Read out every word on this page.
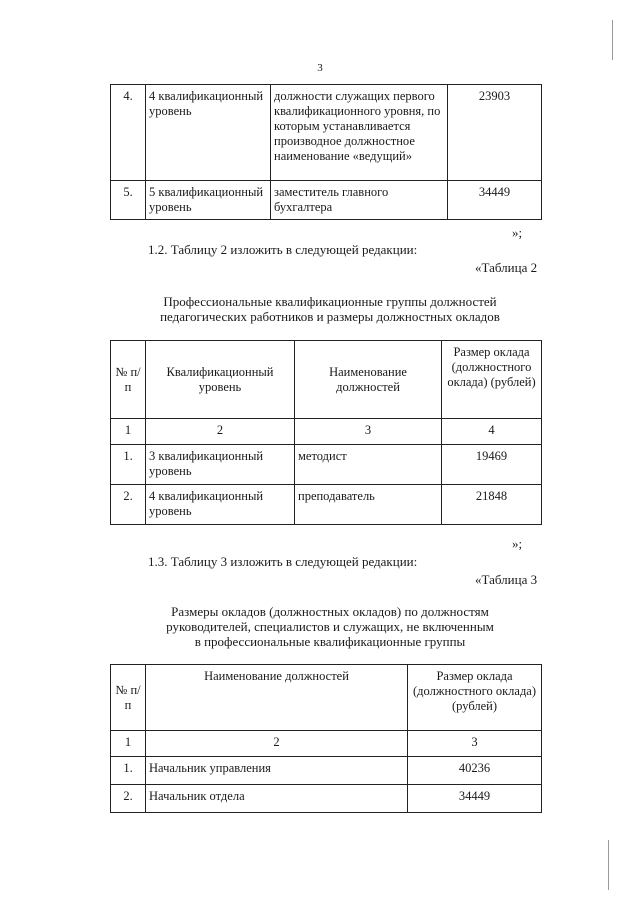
3
4.	4 квалификационный уровень	должности служащих первого квалификационного уровня, по которым устанавливается производное должностное наименование «ведущий»	23903
5.	5 квалификационный уровень	заместитель главного бухгалтера	34449
»;
1.2. Таблицу 2 изложить в следующей редакции:
«Таблица 2
Профессиональные квалификационные группы должностей
педагогических работников и размеры должностных окладов
№ п/п	Квалификационный уровень	Наименование должностей	Размер оклада (должностного оклада) (рублей)
1	2	3	4
1.	3 квалификационный уровень	методист	19469
2.	4 квалификационный уровень	преподаватель	21848
»;
1.3. Таблицу 3 изложить в следующей редакции:
«Таблица 3
Размеры окладов (должностных окладов) по должностям
руководителей, специалистов и служащих, не включенным
в профессиональные квалификационные группы
№ п/п	Наименование должностей	Размер оклада (должностного оклада) (рублей)
1	2	3
1.	Начальник управления	40236
2.	Начальник отдела	34449
